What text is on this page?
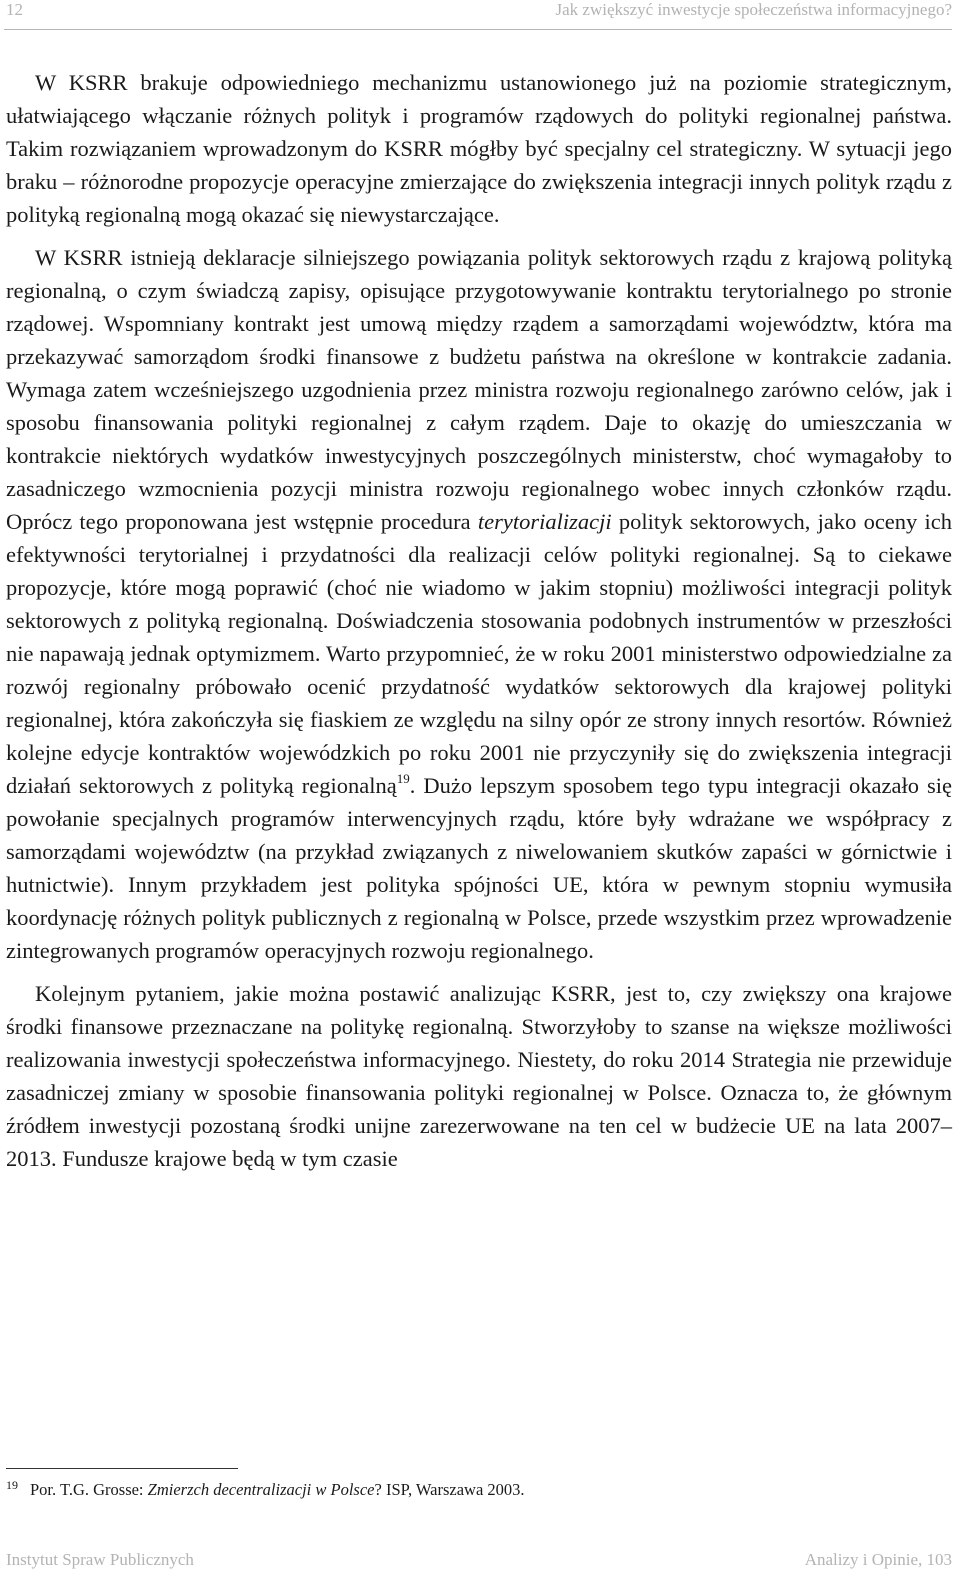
12	Jak zwiększyć inwestycje społeczeństwa informacyjnego?

W KSRR brakuje odpowiedniego mechanizmu ustanowionego już na poziomie strategicznym, ułatwiającego włączanie różnych polityk i programów rządowych do polityki regionalnej państwa. Takim rozwiązaniem wprowadzonym do KSRR mógłby być specjalny cel strategiczny. W sytuacji jego braku – różnorodne propozycje operacyjne zmierzające do zwiększenia integracji innych polityk rządu z polityką regionalną mogą okazać się niewystarczające.

W KSRR istnieją deklaracje silniejszego powiązania polityk sektorowych rządu z krajową polityką regionalną, o czym świadczą zapisy, opisujące przygotowywanie kontraktu terytorialnego po stronie rządowej. Wspomniany kontrakt jest umową między rządem a samorządami województw, która ma przekazywać samorządom środki finansowe z budżetu państwa na określone w kontrakcie zadania. Wymaga zatem wcześniejszego uzgodnienia przez ministra rozwoju regionalnego zarówno celów, jak i sposobu finansowania polityki regionalnej z całym rządem. Daje to okazję do umieszczania w kontrakcie niektórych wydatków inwestycyjnych poszczególnych ministerstw, choć wymagałoby to zasadniczego wzmocnienia pozycji ministra rozwoju regionalnego wobec innych członków rządu. Oprócz tego proponowana jest wstępnie procedura terytorializacji polityk sektorowych, jako oceny ich efektywności terytorialnej i przydatności dla realizacji celów polityki regionalnej. Są to ciekawe propozycje, które mogą poprawić (choć nie wiadomo w jakim stopniu) możliwości integracji polityk sektorowych z polityką regionalną. Doświadczenia stosowania podobnych instrumentów w przeszłości nie napawają jednak optymizmem. Warto przypomnieć, że w roku 2001 ministerstwo odpowiedzialne za rozwój regionalny próbowało ocenić przydatność wydatków sektorowych dla krajowej polityki regionalnej, która zakończyła się fiaskiem ze względu na silny opór ze strony innych resortów. Również kolejne edycje kontraktów wojewódzkich po roku 2001 nie przyczyniły się do zwiększenia integracji działań sektorowych z polityką regionalną$^{19}$. Dużo lepszym sposobem tego typu integracji okazało się powołanie specjalnych programów interwencyjnych rządu, które były wdrażane we współpracy z samorządami województw (na przykład związanych z niwelowaniem skutków zapaści w górnictwie i hutnictwie). Innym przykładem jest polityka spójności UE, która w pewnym stopniu wymusiła koordynację różnych polityk publicznych z regionalną w Polsce, przede wszystkim przez wprowadzenie zintegrowanych programów operacyjnych rozwoju regionalnego.

Kolejnym pytaniem, jakie można postawić analizując KSRR, jest to, czy zwiększy ona krajowe środki finansowe przeznaczane na politykę regionalną. Stworzyłoby to szanse na większe możliwości realizowania inwestycji społeczeństwa informacyjnego. Niestety, do roku 2014 Strategia nie przewiduje zasadniczej zmiany w sposobie finansowania polityki regionalnej w Polsce. Oznacza to, że głównym źródłem inwestycji pozostaną środki unijne zarezerwowane na ten cel w budżecie UE na lata 2007–2013. Fundusze krajowe będą w tym czasie

$^{19}$ Por. T.G. Grosse: Zmierzch decentralizacji w Polsce? ISP, Warszawa 2003.
Instytut Spraw Publicznych	Analizy i Opinie, 103
